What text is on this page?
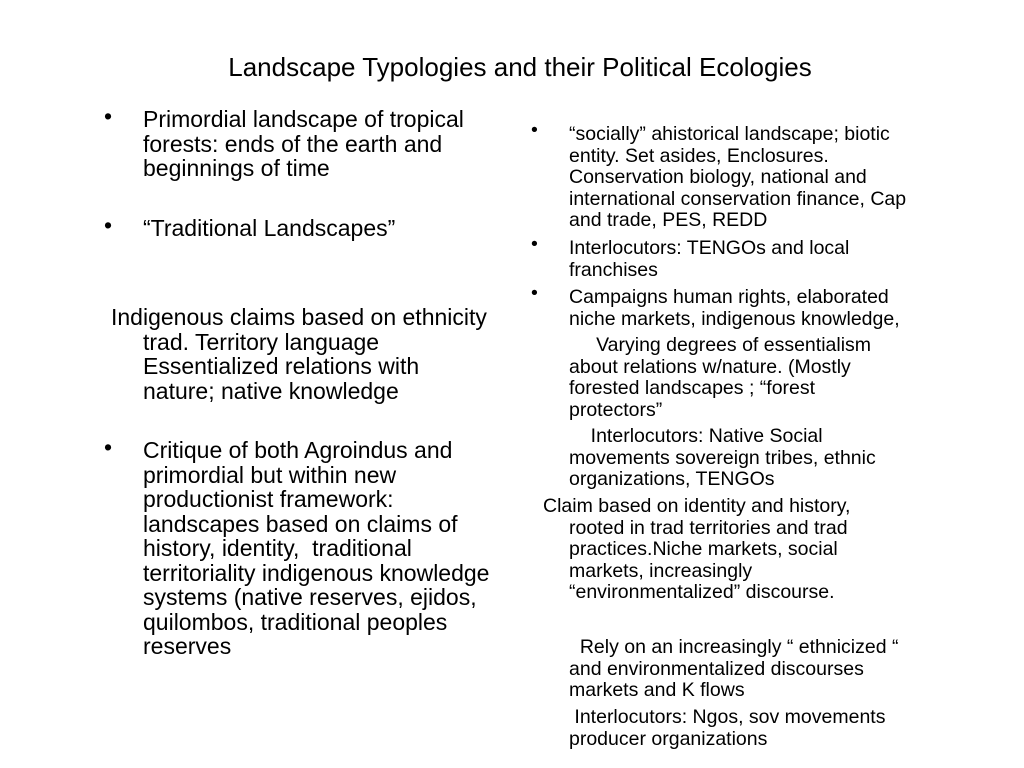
Landscape Typologies and their Political Ecologies
• Primordial landscape of tropical
forests: ends of the earth and
beginnings of time
• “Traditional Landscapes”
Indigenous claims based on ethnicity
trad. Territory language
Essentialized relations with
nature; native knowledge
• Critique of both Agroindus and
primordial but within new
productionist framework:
landscapes based on claims of
history, identity,  traditional
territoriality indigenous knowledge
systems (native reserves, ejidos,
quilombos, traditional peoples
reserves
• “socially” ahistorical landscape; biotic
entity. Set asides, Enclosures.
Conservation biology, national and
international conservation finance, Cap
and trade, PES, REDD
• Interlocutors: TENGOs and local
franchises
• Campaigns human rights, elaborated
niche markets, indigenous knowledge,
Varying degrees of essentialism
about relations w/nature. (Mostly
forested landscapes ; “forest
protectors”
Interlocutors: Native Social
movements sovereign tribes, ethnic
organizations, TENGOs
Claim based on identity and history,
rooted in trad territories and trad
practices.Niche markets, social
markets, increasingly
“environmentalized” discourse.
Rely on an increasingly “ ethnicized “
and environmentalized discourses
markets and K flows
Interlocutors: Ngos, sov movements
producer organizations
